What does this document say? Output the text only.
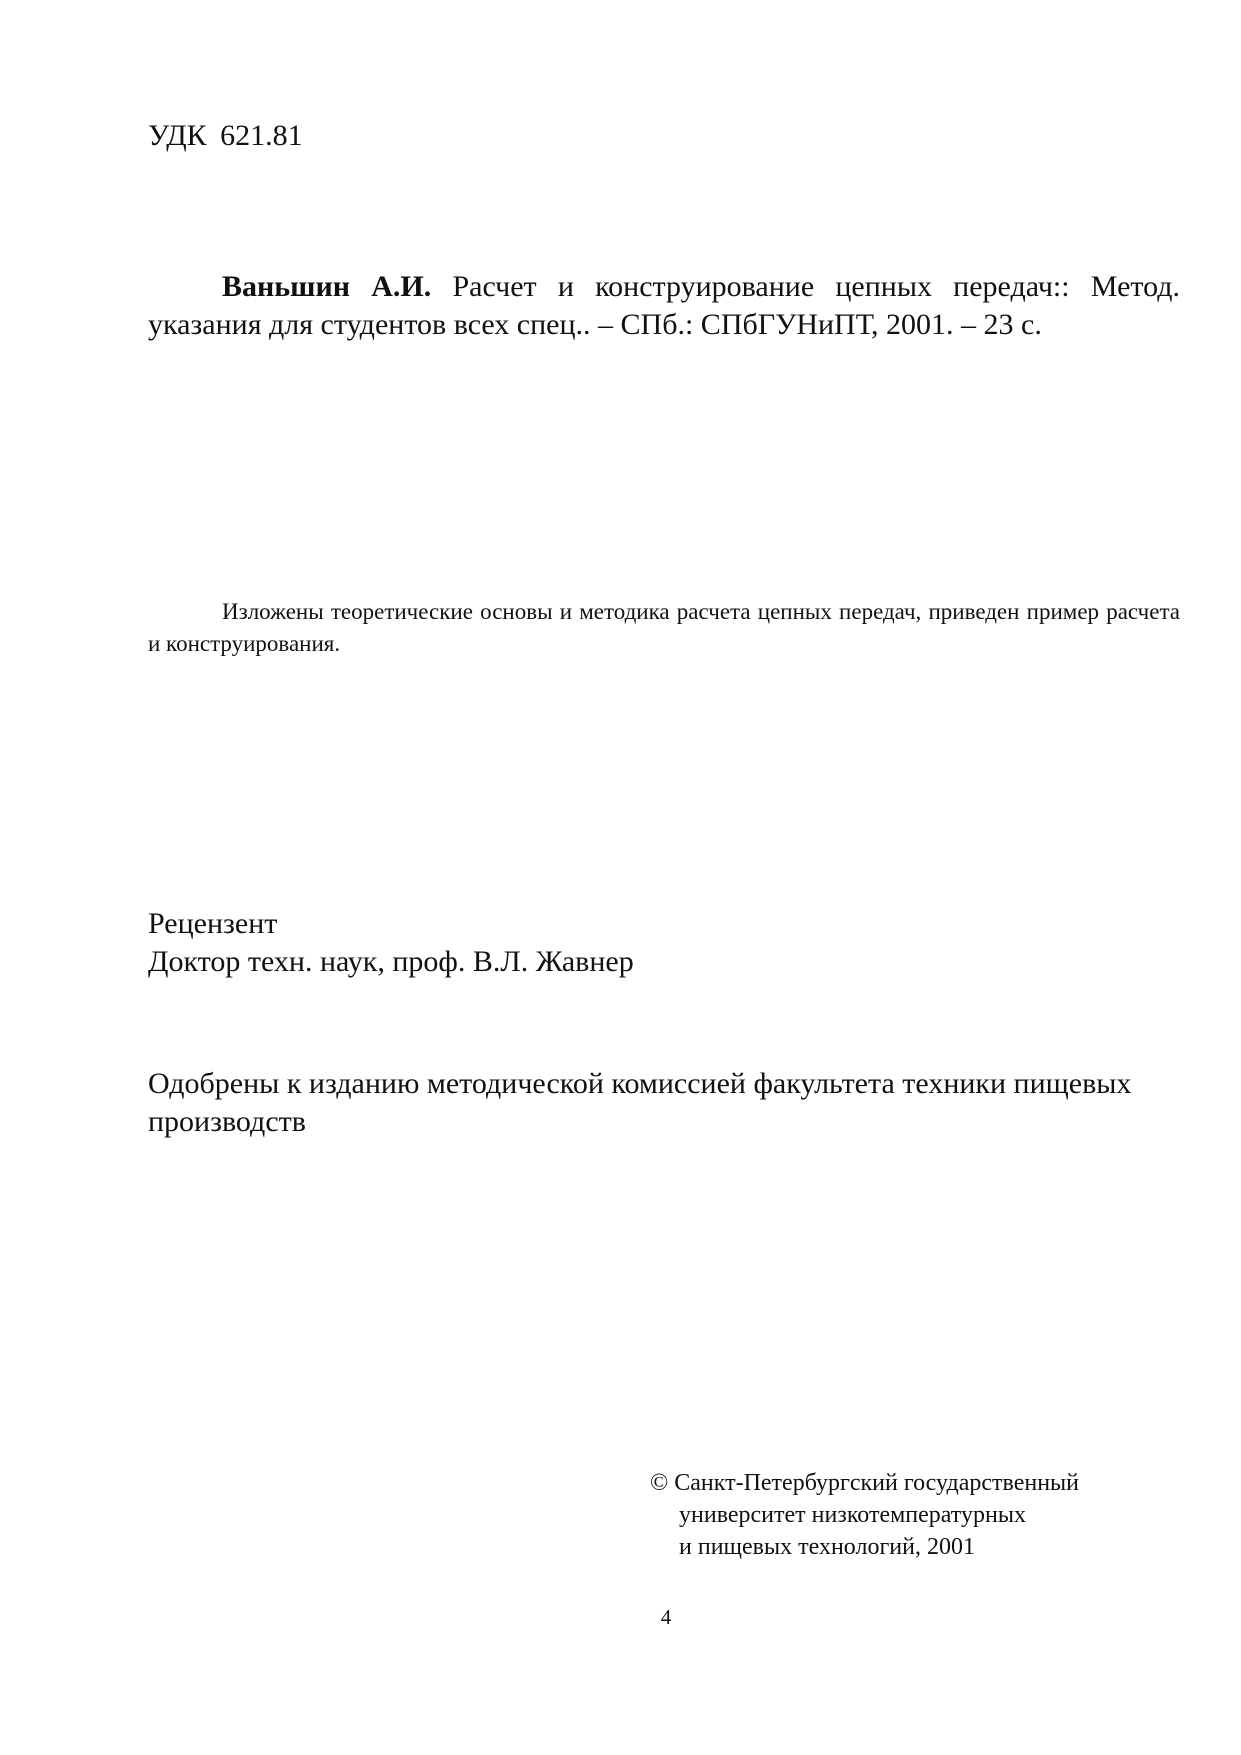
УДК 621.81

Ваньшин А.И. Расчет и конструирование цепных передач:: Метод. указания для студентов всех спец.. – СПб.: СПбГУНиПТ, 2001. – 23 с.

Изложены теоретические основы и методика расчета цепных передач, приведен пример расчета и конструирования.

Рецензент
Доктор техн. наук, проф. В.Л. Жавнер

Одобрены к изданию методической комиссией факультета техники пищевых производств

© Санкт-Петербургский государственный
университет низкотемпературных
и пищевых технологий, 2001
4
